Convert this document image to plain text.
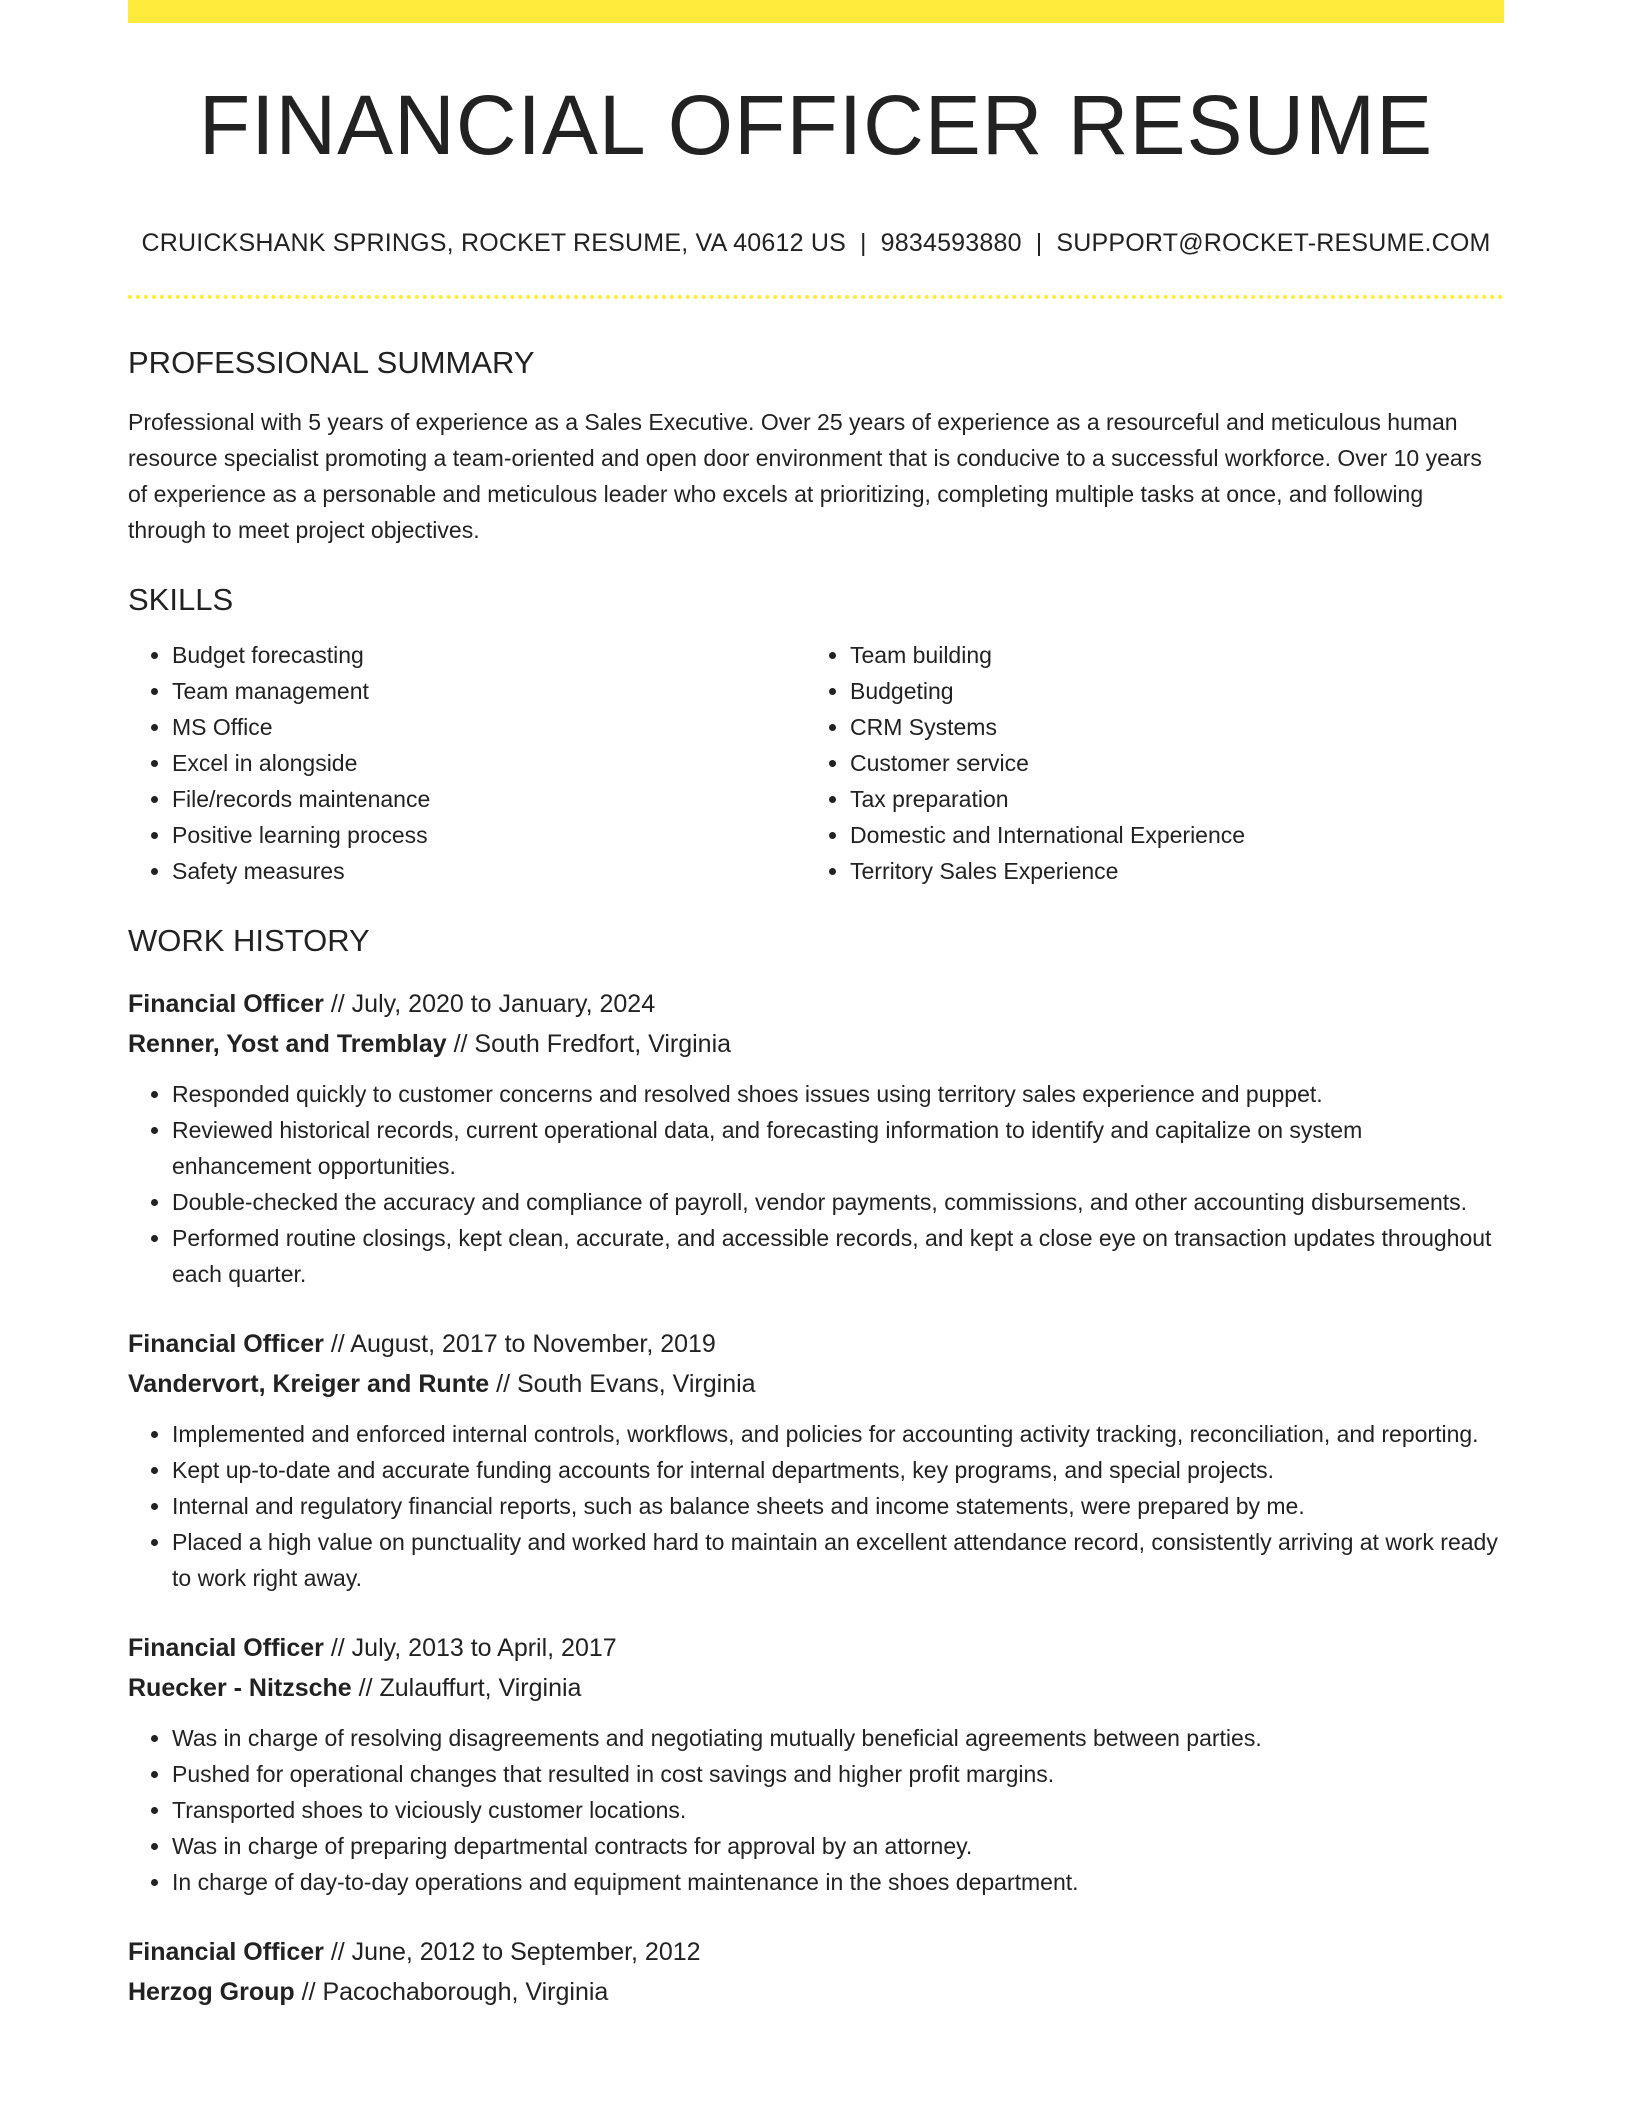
FINANCIAL OFFICER RESUME
CRUICKSHANK SPRINGS, ROCKET RESUME, VA 40612 US | 9834593880 | SUPPORT@ROCKET-RESUME.COM
PROFESSIONAL SUMMARY

Professional with 5 years of experience as a Sales Executive. Over 25 years of experience as a resourceful and meticulous human resource specialist promoting a team-oriented and open door environment that is conducive to a successful workforce. Over 10 years of experience as a personable and meticulous leader who excels at prioritizing, completing multiple tasks at once, and following through to meet project objectives.

SKILLS
• Budget forecasting
• Team management
• MS Office
• Excel in alongside
• File/records maintenance
• Positive learning process
• Safety measures
• Team building
• Budgeting
• CRM Systems
• Customer service
• Tax preparation
• Domestic and International Experience
• Territory Sales Experience
WORK HISTORY
Financial Officer // July, 2020 to January, 2024
Renner, Yost and Tremblay // South Fredfort, Virginia
• Responded quickly to customer concerns and resolved shoes issues using territory sales experience and puppet.
• Reviewed historical records, current operational data, and forecasting information to identify and capitalize on system enhancement opportunities.
• Double-checked the accuracy and compliance of payroll, vendor payments, commissions, and other accounting disbursements.
• Performed routine closings, kept clean, accurate, and accessible records, and kept a close eye on transaction updates throughout each quarter.
Financial Officer // August, 2017 to November, 2019
Vandervort, Kreiger and Runte // South Evans, Virginia
• Implemented and enforced internal controls, workflows, and policies for accounting activity tracking, reconciliation, and reporting.
• Kept up-to-date and accurate funding accounts for internal departments, key programs, and special projects.
• Internal and regulatory financial reports, such as balance sheets and income statements, were prepared by me.
• Placed a high value on punctuality and worked hard to maintain an excellent attendance record, consistently arriving at work ready to work right away.
Financial Officer // July, 2013 to April, 2017
Ruecker - Nitzsche // Zulauffurt, Virginia
• Was in charge of resolving disagreements and negotiating mutually beneficial agreements between parties.
• Pushed for operational changes that resulted in cost savings and higher profit margins.
• Transported shoes to viciously customer locations.
• Was in charge of preparing departmental contracts for approval by an attorney.
• In charge of day-to-day operations and equipment maintenance in the shoes department.
Financial Officer // June, 2012 to September, 2012
Herzog Group // Pacochaborough, Virginia
